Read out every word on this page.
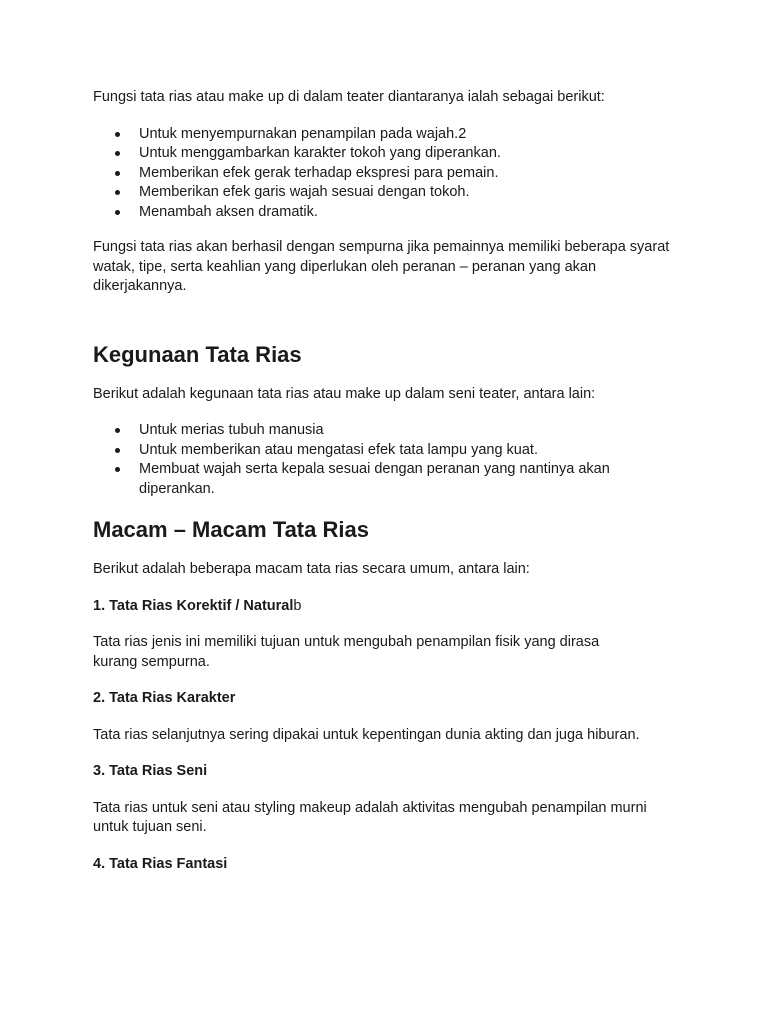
Fungsi tata rias atau make up di dalam teater diantaranya ialah sebagai berikut:

Untuk menyempurnakan penampilan pada wajah.2
Untuk menggambarkan karakter tokoh yang diperankan.
Memberikan efek gerak terhadap ekspresi para pemain.
Memberikan efek garis wajah sesuai dengan tokoh.
Menambah aksen dramatik.

Fungsi tata rias akan berhasil dengan sempurna jika pemainnya memiliki beberapa syarat watak, tipe, serta keahlian yang diperlukan oleh peranan – peranan yang akan dikerjakannya.

Kegunaan Tata Rias

Berikut adalah kegunaan tata rias atau make up dalam seni teater, antara lain:

Untuk merias tubuh manusia
Untuk memberikan atau mengatasi efek tata lampu yang kuat.
Membuat wajah serta kepala sesuai dengan peranan yang nantinya akan diperankan.
Macam – Macam Tata Rias

Berikut adalah beberapa macam tata rias secara umum, antara lain:

1. Tata Rias Korektif / Naturalb

Tata rias jenis ini memiliki tujuan untuk mengubah penampilan fisik yang dirasa kurang sempurna.

2. Tata Rias Karakter

Tata rias selanjutnya sering dipakai untuk kepentingan dunia akting dan juga hiburan.

3. Tata Rias Seni

Tata rias untuk seni atau styling makeup adalah aktivitas mengubah penampilan murni untuk tujuan seni.

4. Tata Rias Fantasi
